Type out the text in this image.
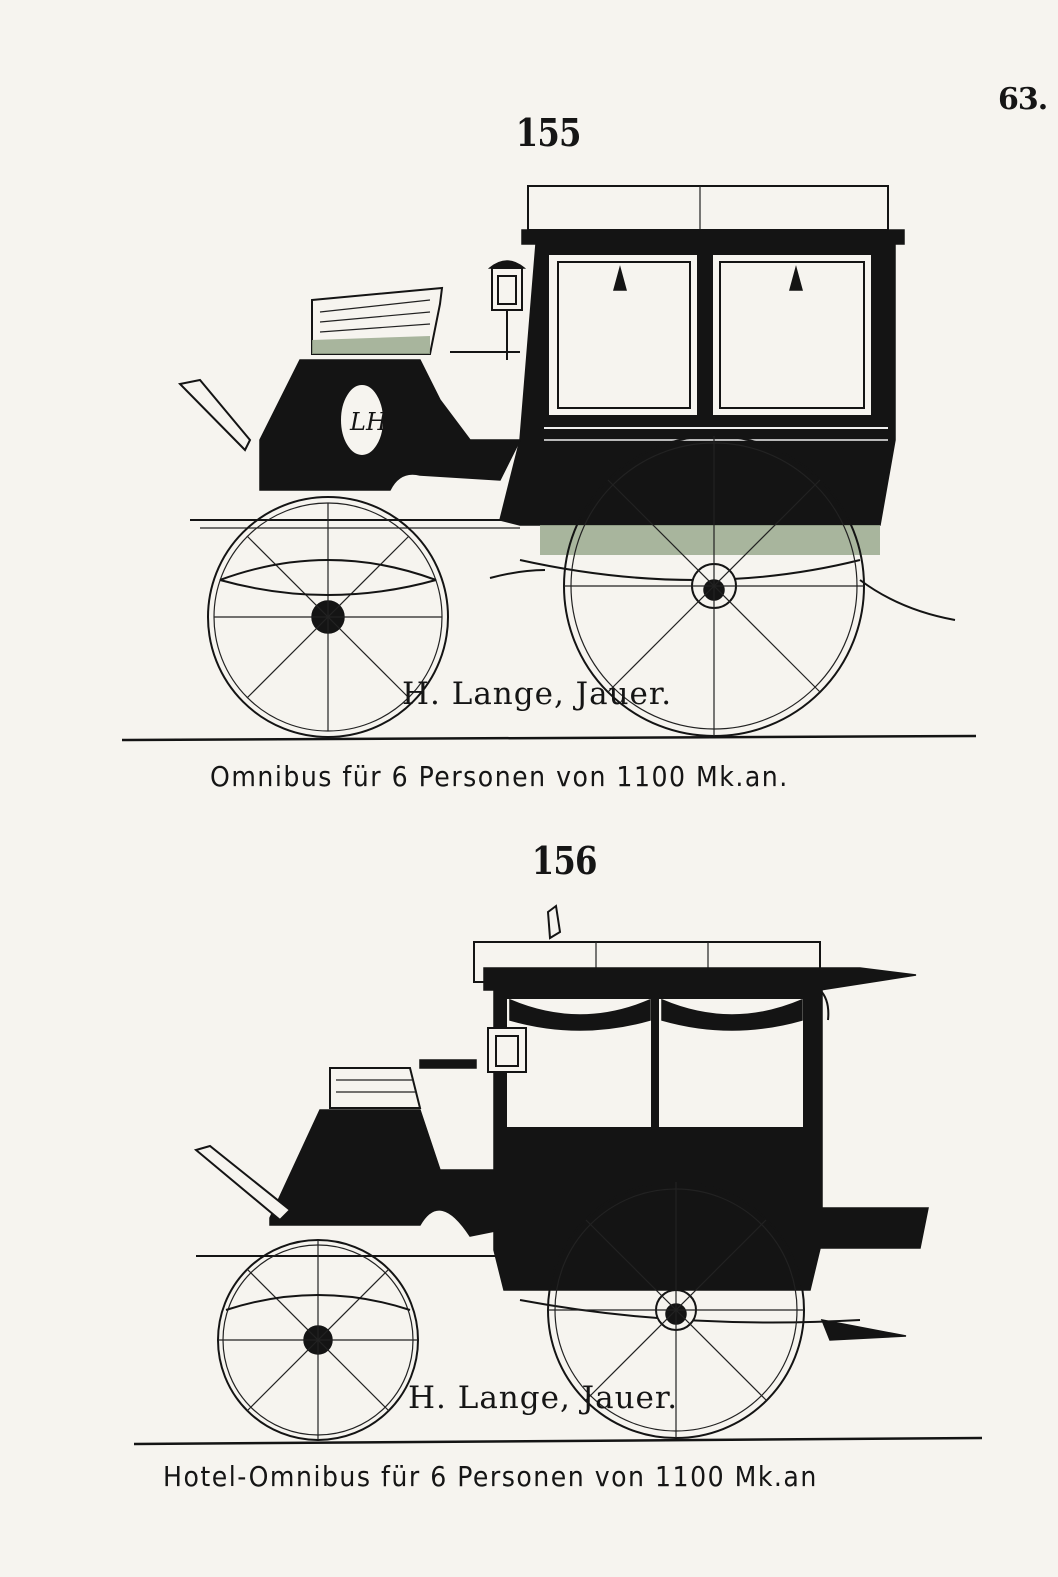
63.
155
LH
H. Lange, Jauer.
Omnibus für 6 Personen von 1100 Mk.an.
156
H. Lange, Jauer.
Hotel-Omnibus für 6 Personen von 1100 Mk.an
